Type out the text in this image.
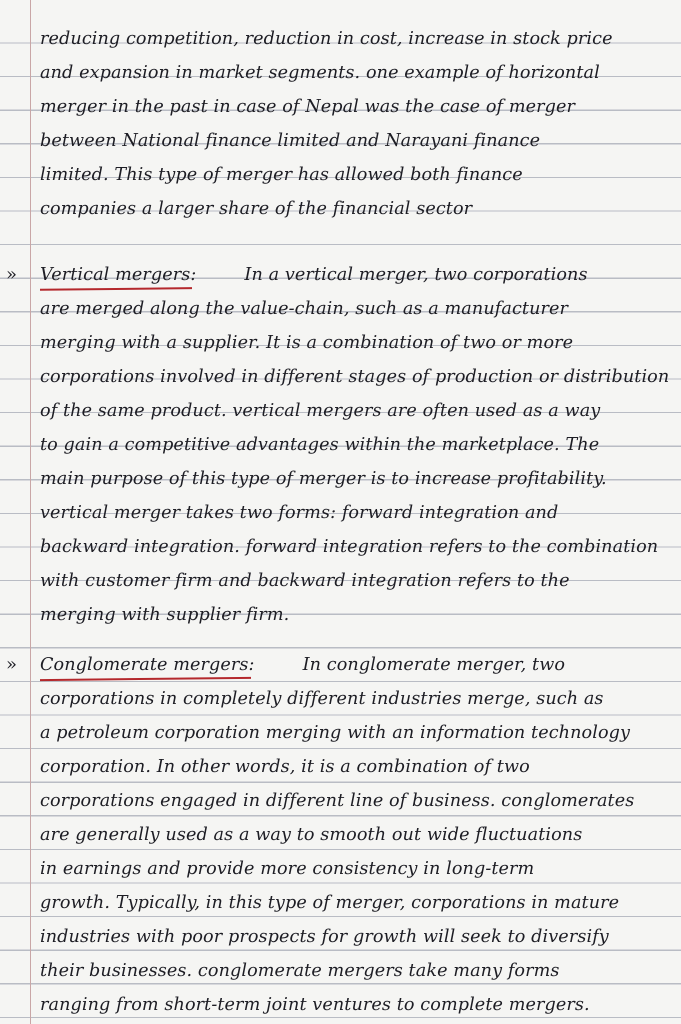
reducing competition, reduction in cost, increase in stock price
and expansion in market segments. one example of horizontal
merger in the past in case of Nepal was the case of merger
between National finance limited and Narayani finance
limited. This type of merger has allowed both finance
companies a larger share of the financial sector
» Vertical mergers:	In a vertical merger, two corporations
are merged along the value-chain, such as a manufacturer
merging with a supplier. It is a combination of two or more
corporations involved in different stages of production or distribution
of the same product. vertical mergers are often used as a way
to gain a competitive advantages within the marketplace. The
main purpose of this type of merger is to increase profitability.
vertical merger takes two forms: forward integration and
backward integration. forward integration refers to the combination
with customer firm and backward integration refers to the
merging with supplier firm.
» Conglomerate mergers:	In conglomerate merger, two
corporations in completely different industries merge, such as
a petroleum corporation merging with an information technology
corporation. In other words, it is a combination of two
corporations engaged in different line of business. conglomerates
are generally used as a way to smooth out wide fluctuations
in earnings and provide more consistency in long-term
growth. Typically, in this type of merger, corporations in mature
industries with poor prospects for growth will seek to diversify
their businesses. conglomerate mergers take many forms
ranging from short-term joint ventures to complete mergers.
